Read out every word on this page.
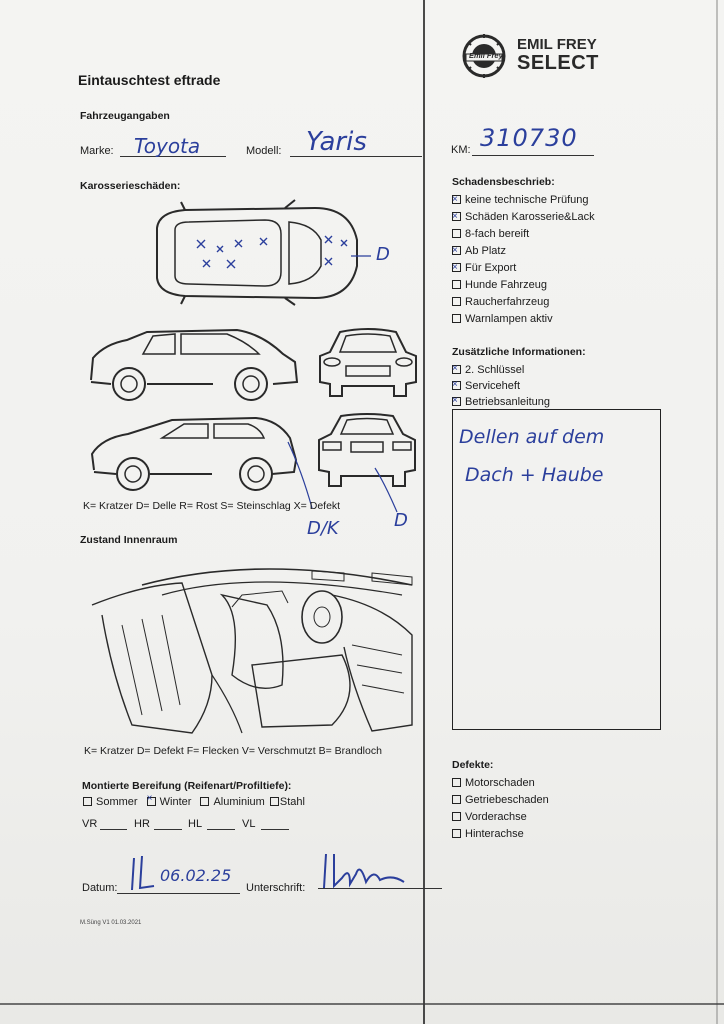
Emil Frey
EMIL FREY
SELECT
Eintauschtest eftrade
Fahrzeugangaben
Marke: Toyota	Modell: Yaris
Karosserieschäden:
D
K= Kratzer D= Delle R= Rost S= Steinschlag X= Defekt
D/K	D
Zustand Innenraum
K= Kratzer D= Defekt F= Flecken V= Verschmutzt B= Brandloch
Montierte Bereifung (Reifenart/Profiltiefe):
Sommer × Winter Aluminium Stahl
VR	HR	HL	VL
Datum:
06.02.25
Unterschrift:
M.Süng V1 01.03.2021
KM: 310730
Schadensbeschrieb:
×keine technische Prüfung
×Schäden Karosserie&Lack
8-fach bereift
×Ab Platz
×Für Export
Hunde Fahrzeug
Raucherfahrzeug
Warnlampen aktiv
Zusätzliche Informationen:
×2. Schlüssel
×Serviceheft
×Betriebsanleitung
Dellen auf dem
Dach + Haube
Defekte:
Motorschaden
Getriebeschaden
Vorderachse
Hinterachse
